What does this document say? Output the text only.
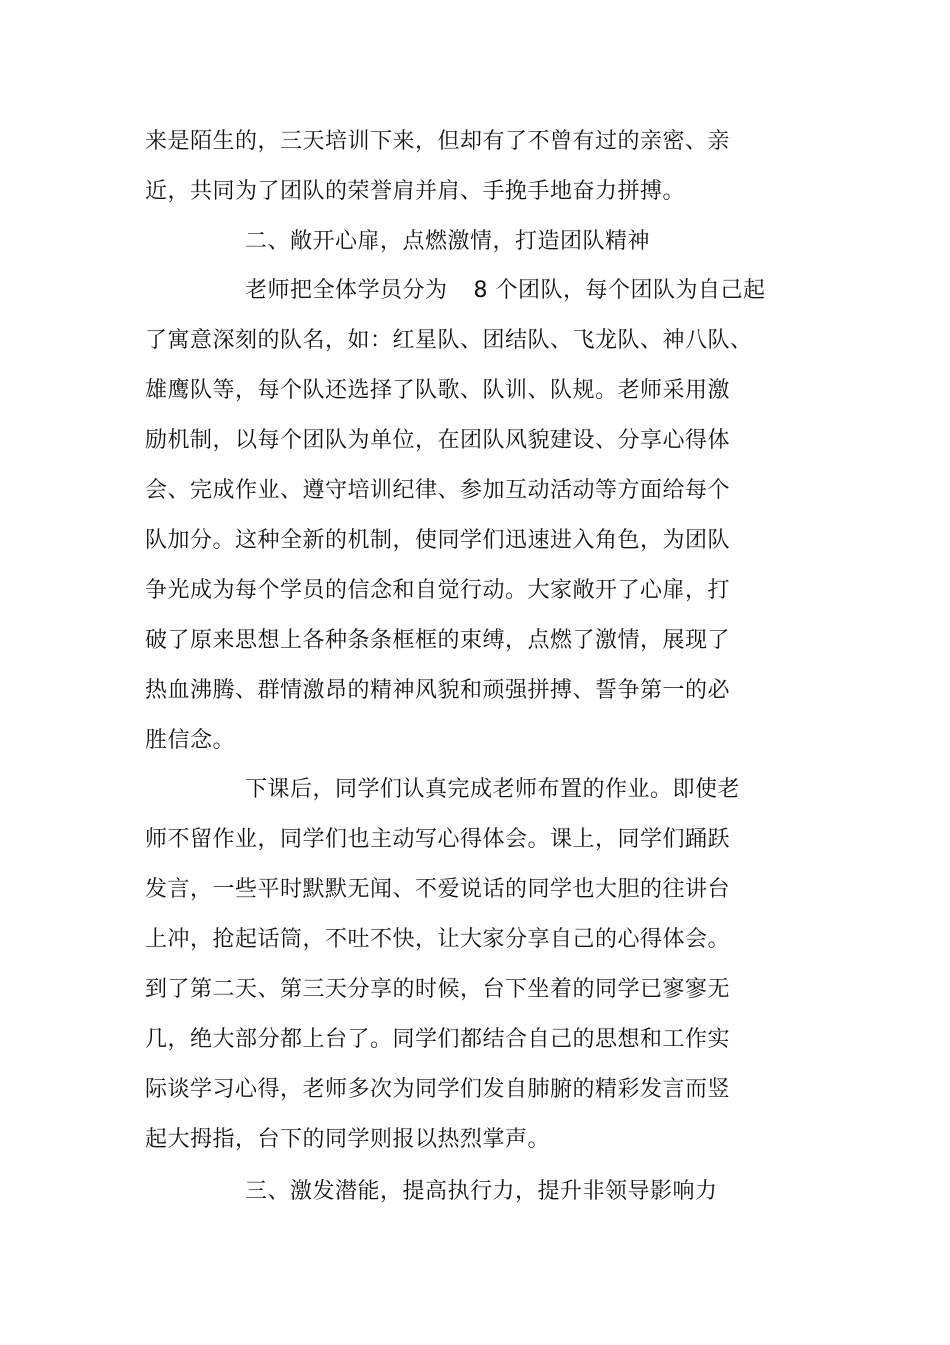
来是陌生的，三天培训下来，但却有了不曾有过的亲密、亲
近，共同为了团队的荣誉肩并肩、手挽手地奋力拼搏。
二、敞开心扉，点燃激情，打造团队精神
老师把全体学员分为 8 个团队，每个团队为自己起
了寓意深刻的队名，如：红星队、团结队、飞龙队、神八队、
雄鹰队等，每个队还选择了队歌、队训、队规。老师采用激
励机制，以每个团队为单位，在团队风貌建设、分享心得体
会、完成作业、遵守培训纪律、参加互动活动等方面给每个
队加分。这种全新的机制，使同学们迅速进入角色，为团队
争光成为每个学员的信念和自觉行动。大家敞开了心扉，打
破了原来思想上各种条条框框的束缚，点燃了激情，展现了
热血沸腾、群情激昂的精神风貌和顽强拼搏、誓争第一的必
胜信念。
下课后，同学们认真完成老师布置的作业。即使老
师不留作业，同学们也主动写心得体会。课上，同学们踊跃
发言，一些平时默默无闻、不爱说话的同学也大胆的往讲台
上冲，抢起话筒，不吐不快，让大家分享自己的心得体会。
到了第二天、第三天分享的时候，台下坐着的同学已寥寥无
几，绝大部分都上台了。同学们都结合自己的思想和工作实
际谈学习心得，老师多次为同学们发自肺腑的精彩发言而竖
起大拇指，台下的同学则报以热烈掌声。
三、激发潜能，提高执行力，提升非领导影响力
